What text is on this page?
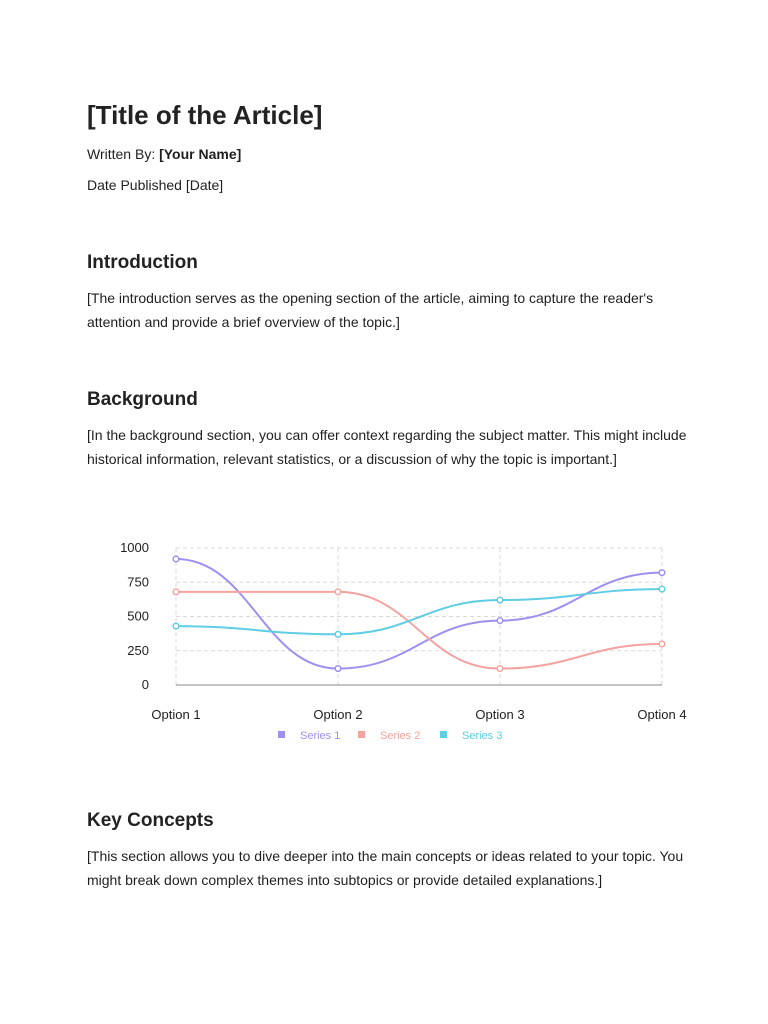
[Title of the Article]
Written By: [Your Name]
Date Published [Date]
Introduction

[The introduction serves as the opening section of the article, aiming to capture the reader's attention and provide a brief overview of the topic.]

Background

[In the background section, you can offer context regarding the subject matter. This might include historical information, relevant statistics, or a discussion of why the topic is important.]

0
250
500
750
1000
Option 1	Option 2	Option 3	Option 4
Series 1	Series 2	Series 3
Key Concepts

[This section allows you to dive deeper into the main concepts or ideas related to your topic. You might break down complex themes into subtopics or provide detailed explanations.]
